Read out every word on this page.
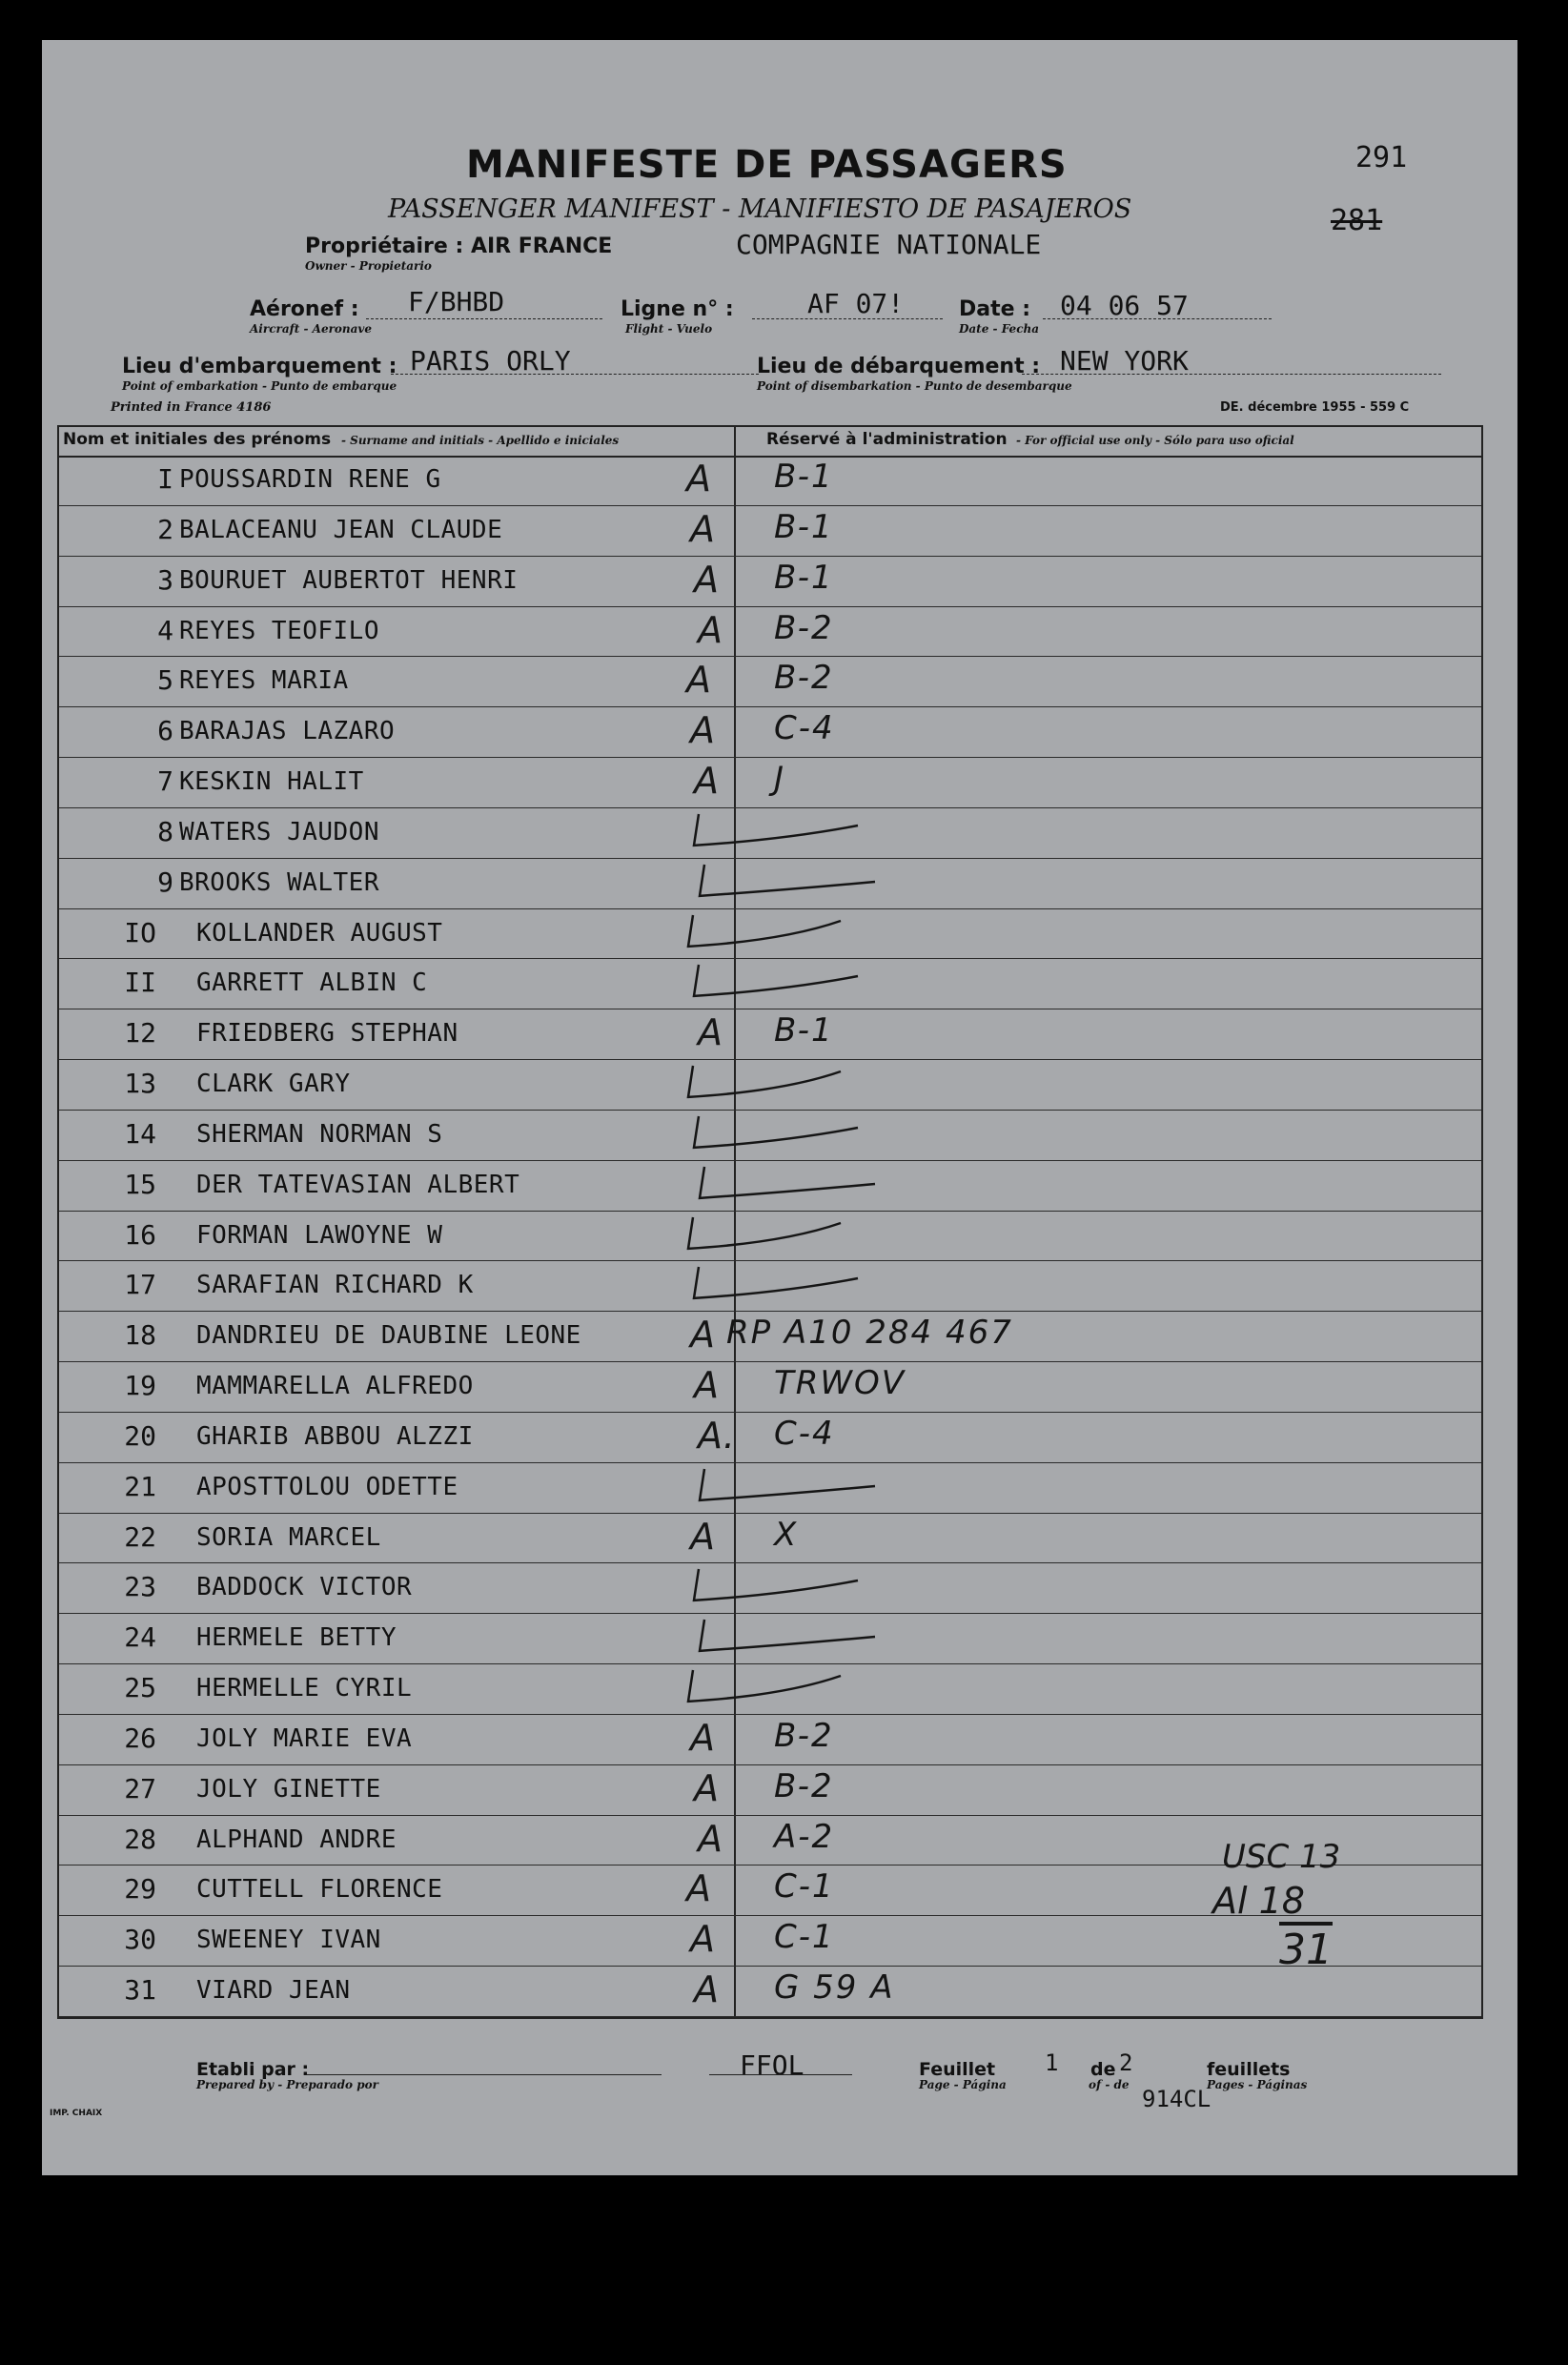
MANIFESTE DE PASSAGERS
PASSENGER MANIFEST - MANIFIESTO DE PASAJEROS
291
281
Propriétaire : AIR FRANCE
Owner - Propietario
COMPAGNIE NATIONALE
Aéronef :
Aircraft - Aeronave
F/BHBD	Ligne n° :
Flight - Vuelo
AF 07!	Date :
Date - Fecha
04 06 57
Lieu d'embarquement :
Point of embarkation - Punto de embarque
PARIS ORLY	Lieu de débarquement :
Point of disembarkation - Punto de desembarque
NEW YORK
Printed in France 4186	DE. décembre 1955 - 559 C
Nom et initiales des prénoms - Surname and initials - Apellido e iniciales	Réservé à l'administration - For official use only - Sólo para uso oficial
I POUSSARDIN RENE G	A B-1
2 BALACEANU JEAN CLAUDE	A B-1
3 BOURUET AUBERTOT HENRI	A B-1
4 REYES TEOFILO	A B-2
5 REYES MARIA	A B-2
6 BARAJAS LAZARO	A C-4
7 KESKIN HALIT	A J
8 WATERS JAUDON
9 BROOKS WALTER
IO KOLLANDER AUGUST
II GARRETT ALBIN C
12 FRIEDBERG STEPHAN	A B-1
13 CLARK GARY
14 SHERMAN NORMAN S
15 DER TATEVASIAN ALBERT
16 FORMAN LAWOYNE W
17 SARAFIAN RICHARD K
18 DANDRIEU DE DAUBINE LEONE	A RP A10 284 467
19 MAMMARELLA ALFREDO	A TRWOV
20 GHARIB ABBOU ALZZI	A. C-4
21 APOSTTOLOU ODETTE
22 SORIA MARCEL	A X
23 BADDOCK VICTOR
24 HERMELE BETTY
25 HERMELLE CYRIL
26 JOLY MARIE EVA	A B-2
27 JOLY GINETTE	A B-2
28 ALPHAND ANDRE	A A-2
29 CUTTELL FLORENCE	A C-1
30 SWEENEY IVAN	A C-1
31 VIARD JEAN	A G 59 A
USC 13
Al 18
31
Etabli par :
Prepared by - Preparado por
FFOL	Feuillet
Page - Página
1 de
of - de
2	feuillets
Pages - Páginas
914CL
IMP. CHAIX
